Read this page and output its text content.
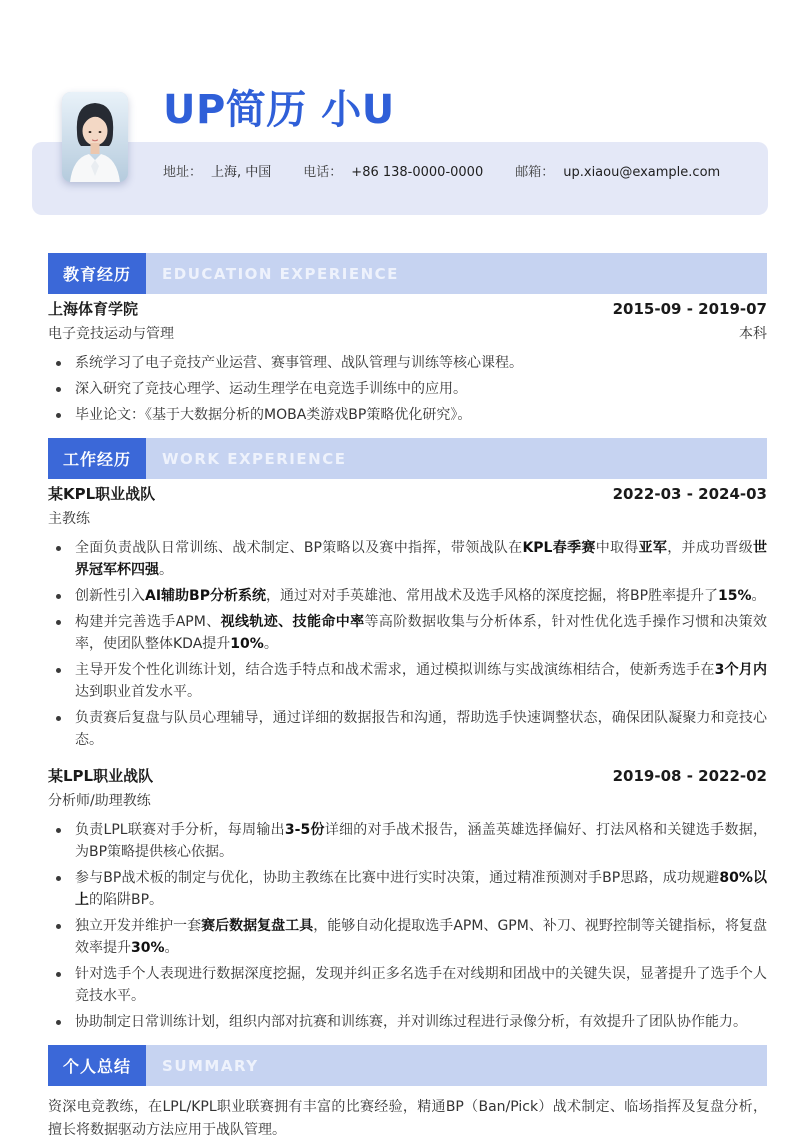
UP简历 小U
地址： 上海, 中国 电话： +86 138-0000-0000 邮箱： up.xiaou@example.com
教育经历	EDUCATION EXPERIENCE
上海体育学院	2015-09 - 2019-07
电子竞技运动与管理	本科
系统学习了电子竞技产业运营、赛事管理、战队管理与训练等核心课程。
深入研究了竞技心理学、运动生理学在电竞选手训练中的应用。
毕业论文：《基于大数据分析的MOBA类游戏BP策略优化研究》。
工作经历	WORK EXPERIENCE
某KPL职业战队	2022-03 - 2024-03
主教练
全面负责战队日常训练、战术制定、BP策略以及赛中指挥，带领战队在KPL春季赛中取得亚军，并成功晋级世界冠军杯四强。
创新性引入AI辅助BP分析系统，通过对对手英雄池、常用战术及选手风格的深度挖掘，将BP胜率提升了15%。
构建并完善选手APM、视线轨迹、技能命中率等高阶数据收集与分析体系，针对性优化选手操作习惯和决策效率，使团队整体KDA提升10%。
主导开发个性化训练计划，结合选手特点和战术需求，通过模拟训练与实战演练相结合，使新秀选手在3个月内达到职业首发水平。
负责赛后复盘与队员心理辅导，通过详细的数据报告和沟通，帮助选手快速调整状态，确保团队凝聚力和竞技心态。
某LPL职业战队	2019-08 - 2022-02
分析师/助理教练
负责LPL联赛对手分析，每周输出3-5份详细的对手战术报告，涵盖英雄选择偏好、打法风格和关键选手数据，为BP策略提供核心依据。
参与BP战术板的制定与优化，协助主教练在比赛中进行实时决策，通过精准预测对手BP思路，成功规避80%以上的陷阱BP。
独立开发并维护一套赛后数据复盘工具，能够自动化提取选手APM、GPM、补刀、视野控制等关键指标，将复盘效率提升30%。
针对选手个人表现进行数据深度挖掘，发现并纠正多名选手在对线期和团战中的关键失误，显著提升了选手个人竞技水平。
协助制定日常训练计划，组织内部对抗赛和训练赛，并对训练过程进行录像分析，有效提升了团队协作能力。
个人总结	SUMMARY

资深电竞教练，在LPL/KPL职业联赛拥有丰富的比赛经验，精通BP（Ban/Pick）战术制定、临场指挥及复盘分析，擅长将数据驱动方法应用于战队管理。
